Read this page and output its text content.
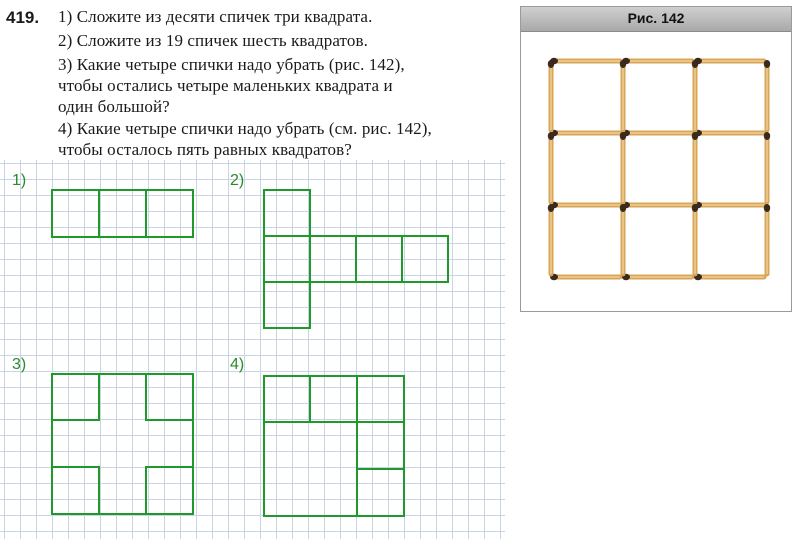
419. 1) Сложите из десяти спичек три квадрата.
2) Сложите из 19 спичек шесть квадратов.
3) Какие четыре спички надо убрать (рис. 142),
чтобы остались четыре маленьких квадрата и
один большой?
4) Какие четыре спички надо убрать (см. рис. 142),
чтобы осталось пять равных квадратов?
Рис. 142
1)	2)
3)	4)
